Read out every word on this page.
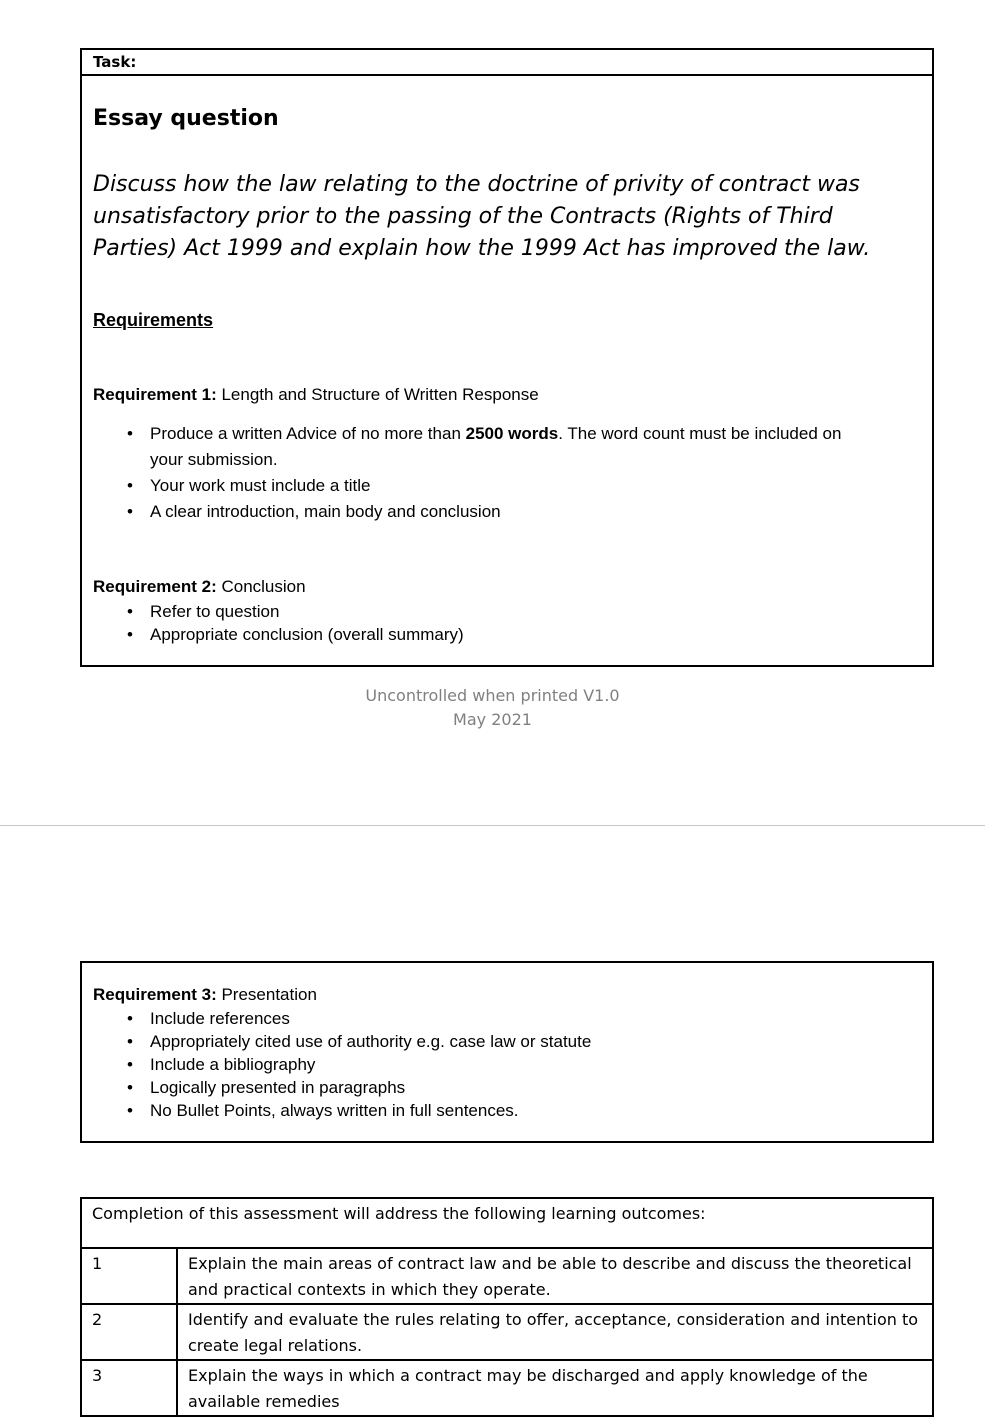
Task:
Essay question

Discuss how the law relating to the doctrine of privity of contract was unsatisfactory prior to the passing of the Contracts (Rights of Third Parties) Act 1999 and explain how the 1999 Act has improved the law.

Requirements
Requirement 1: Length and Structure of Written Response
• Produce a written Advice of no more than 2500 words. The word count must be included on your submission.
• Your work must include a title
• A clear introduction, main body and conclusion
Requirement 2: Conclusion
• Refer to question
• Appropriate conclusion (overall summary)
Uncontrolled when printed V1.0
May 2021
Requirement 3: Presentation
• Include references
• Appropriately cited use of authority e.g. case law or statute
• Include a bibliography
• Logically presented in paragraphs
• No Bullet Points, always written in full sentences.
Completion of this assessment will address the following learning outcomes:	
1	Explain the main areas of contract law and be able to describe and discuss the theoretical and practical contexts in which they operate.
2	Identify and evaluate the rules relating to offer, acceptance, consideration and intention to create legal relations.
3	Explain the ways in which a contract may be discharged and apply knowledge of the available remedies
